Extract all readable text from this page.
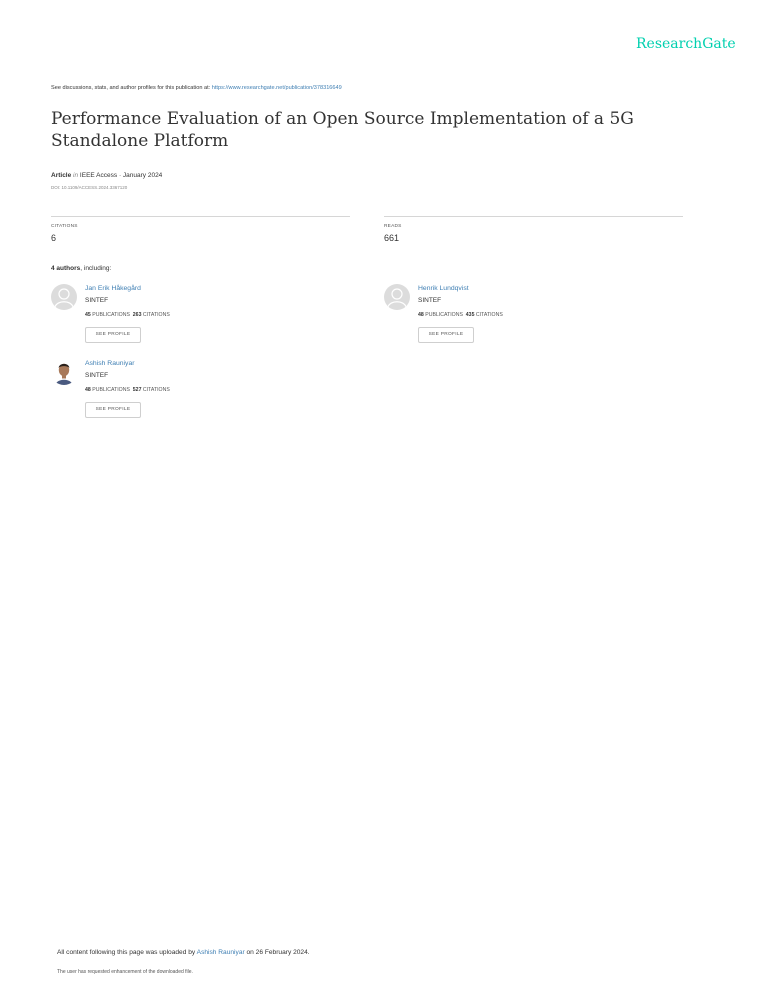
ResearchGate
See discussions, stats, and author profiles for this publication at: https://www.researchgate.net/publication/378316649
Performance Evaluation of an Open Source Implementation of a 5G Standalone Platform
Article in IEEE Access · January 2024
DOI: 10.1109/ACCESS.2024.3367120
CITATIONS
6
READS
661
4 authors, including:
Jan Erik Håkegård
SINTEF
45 PUBLICATIONS 263 CITATIONS
SEE PROFILE
Henrik Lundqvist
SINTEF
48 PUBLICATIONS 435 CITATIONS
SEE PROFILE
Ashish Rauniyar
SINTEF
48 PUBLICATIONS 527 CITATIONS
SEE PROFILE
All content following this page was uploaded by Ashish Rauniyar on 26 February 2024.
The user has requested enhancement of the downloaded file.
